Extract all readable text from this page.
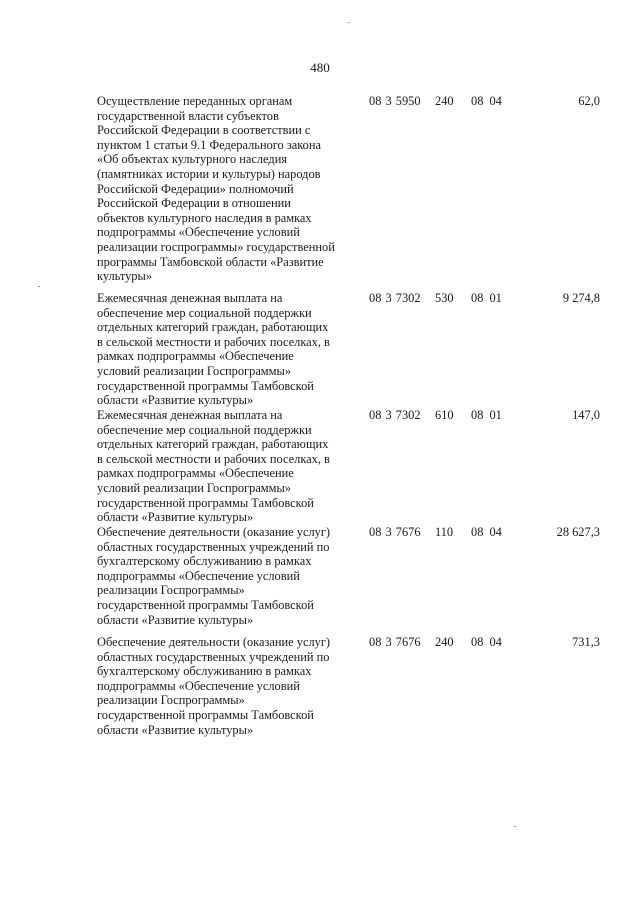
480
Осуществление переданных органам
государственной власти субъектов
Российской Федерации в соответствии с
пунктом 1 статьи 9.1 Федерального закона
«Об объектах культурного наследия
(памятниках истории и культуры) народов
Российской Федерации» полномочий
Российской Федерации в отношении
объектов культурного наследия в рамках
подпрограммы «Обеспечение условий
реализации госпрограммы» государственной
программы Тамбовской области «Развитие
культуры»
08 3 5950 240 08 04	62,0
Ежемесячная денежная выплата на
обеспечение мер социальной поддержки
отдельных категорий граждан, работающих
в сельской местности и рабочих поселках, в
рамках подпрограммы «Обеспечение
условий реализации Госпрограммы»
государственной программы Тамбовской
области «Развитие культуры»
08 3 7302 530 08 01	9 274,8
Ежемесячная денежная выплата на
обеспечение мер социальной поддержки
отдельных категорий граждан, работающих
в сельской местности и рабочих поселках, в
рамках подпрограммы «Обеспечение
условий реализации Госпрограммы»
государственной программы Тамбовской
области «Развитие культуры»
08 3 7302 610 08 01	147,0
Обеспечение деятельности (оказание услуг)
областных государственных учреждений по
бухгалтерскому обслуживанию в рамках
подпрограммы «Обеспечение условий
реализации Госпрограммы»
государственной программы Тамбовской
области «Развитие культуры»
08 3 7676 110 08 04	28 627,3
Обеспечение деятельности (оказание услуг)
областных государственных учреждений по
бухгалтерскому обслуживанию в рамках
подпрограммы «Обеспечение условий
реализации Госпрограммы»
государственной программы Тамбовской
области «Развитие культуры»
08 3 7676 240 08 04	731,3
